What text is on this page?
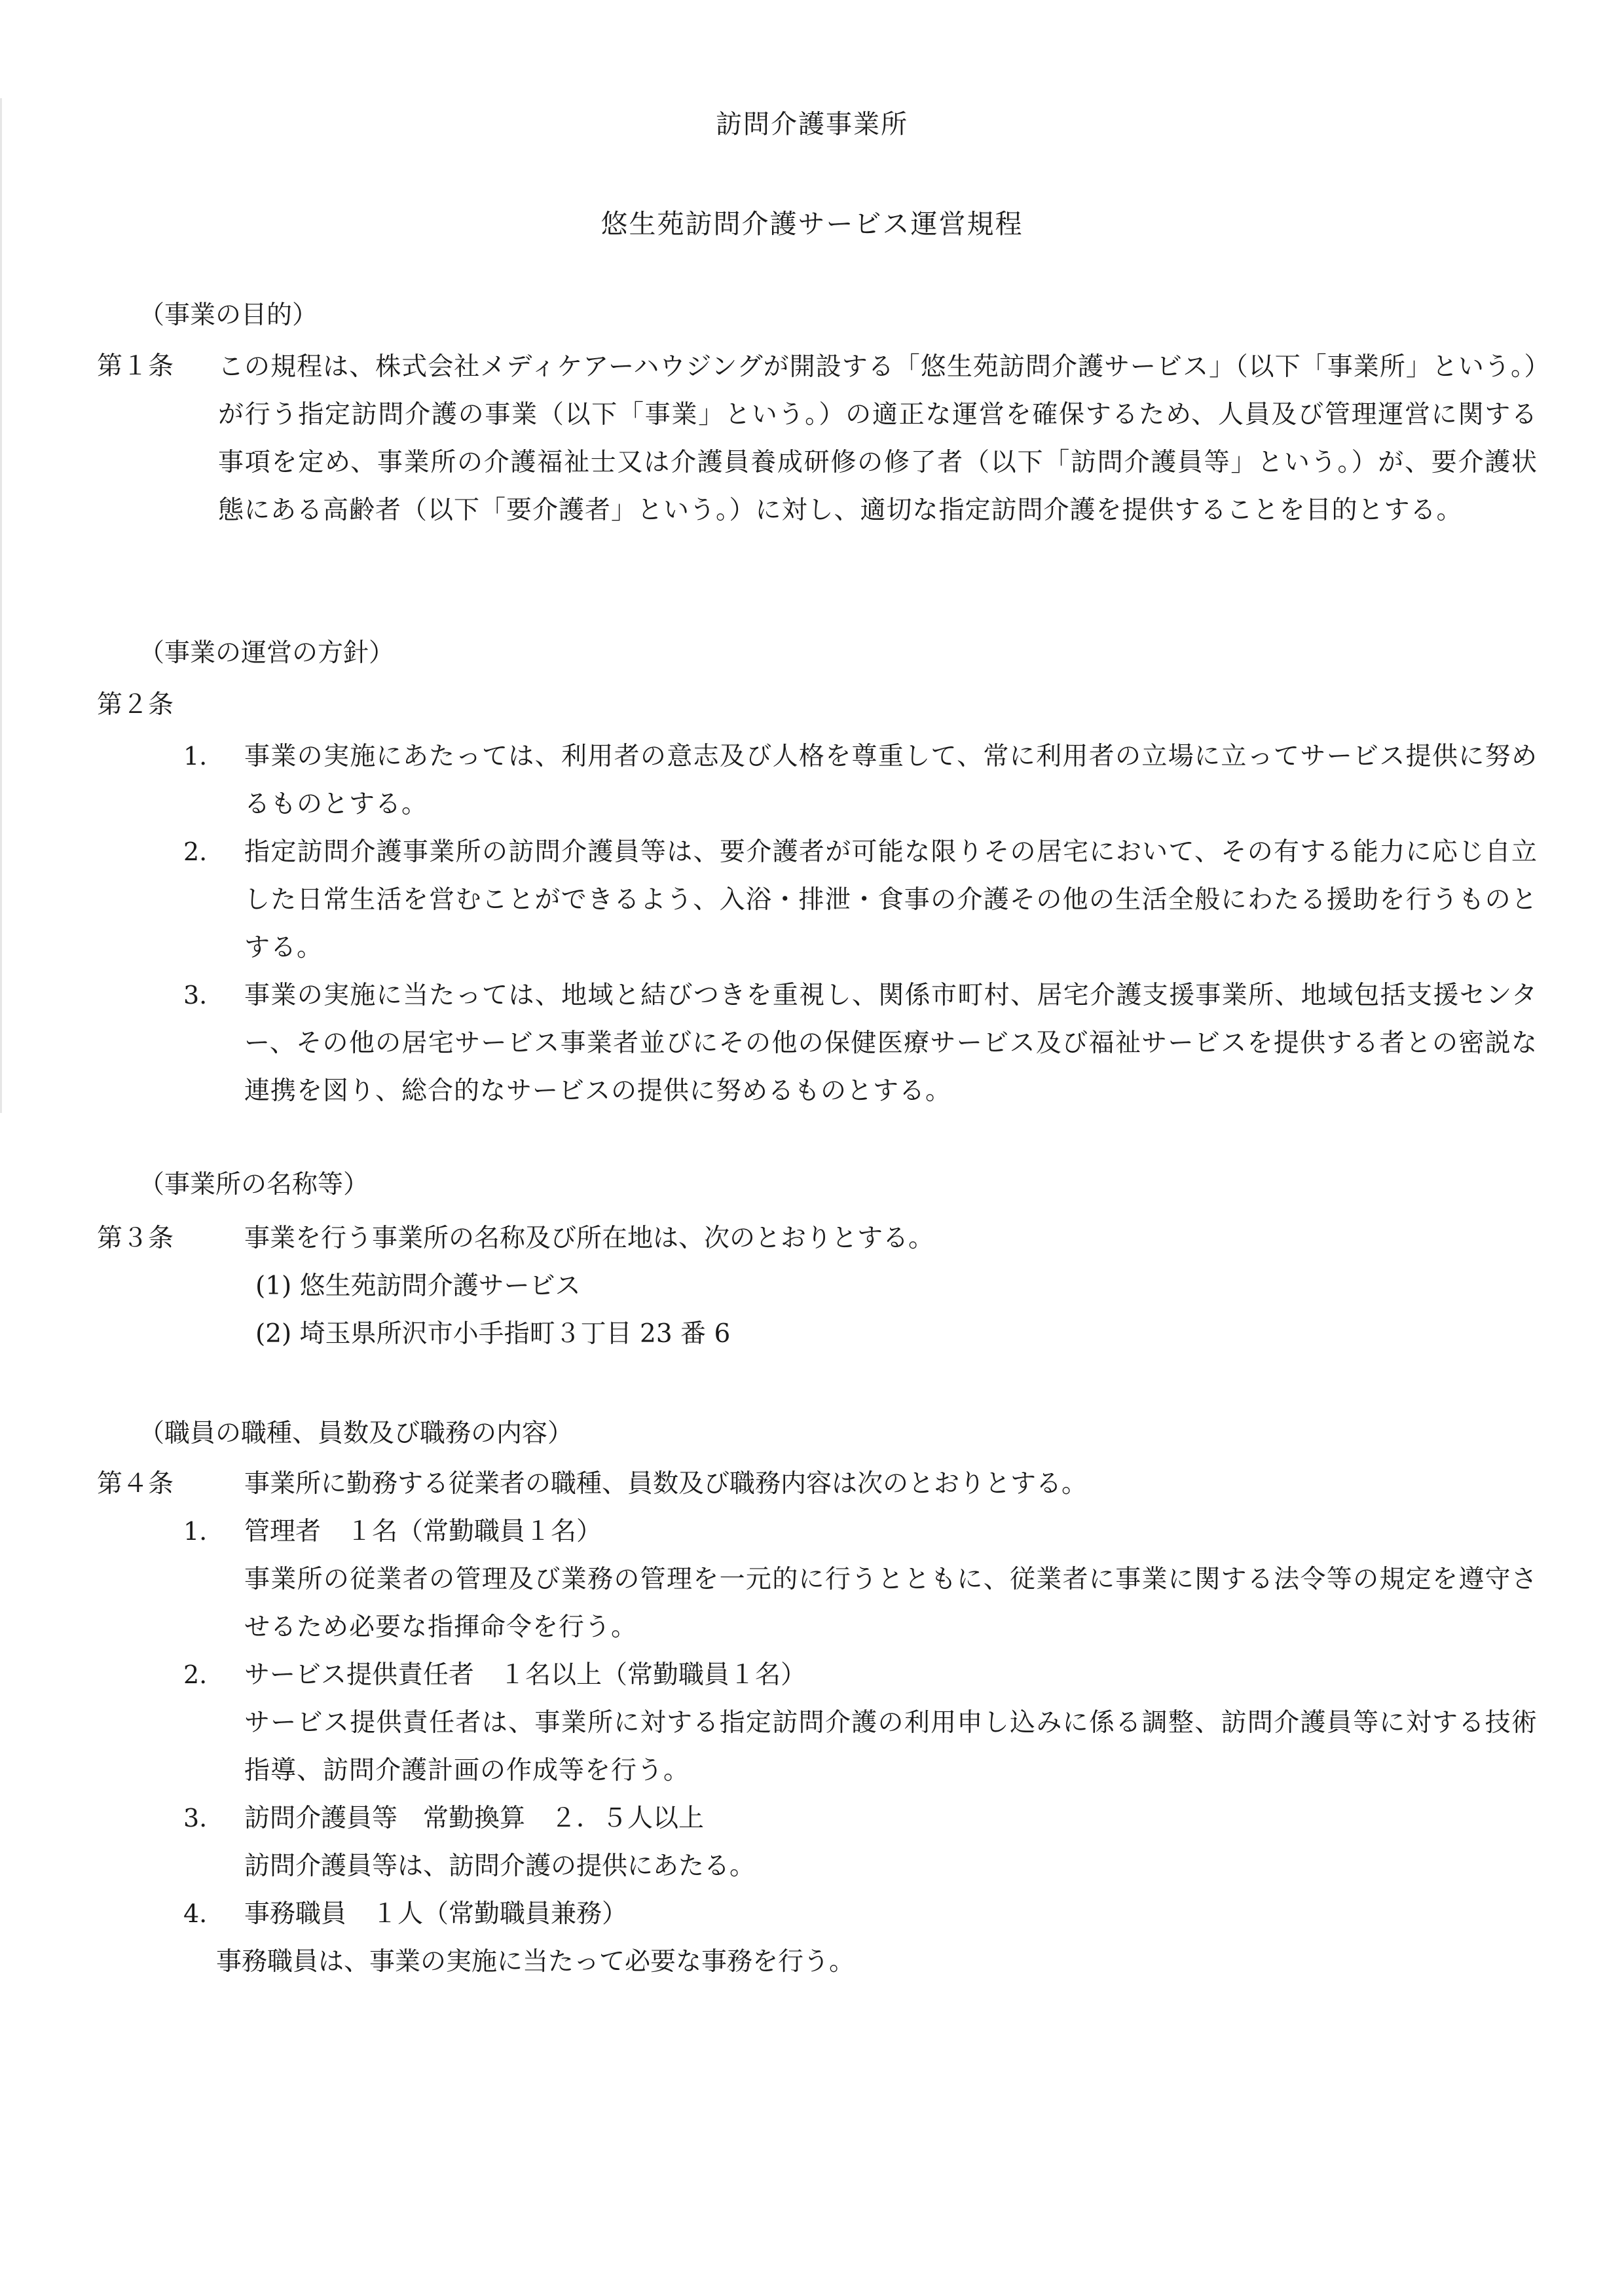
訪問介護事業所
悠生苑訪問介護サービス運営規程
（事業の目的）
第１条 この規程は、株式会社メディケアーハウジングが開設する「悠生苑訪問介護サービス」（以下「事業所」という。）が行う指定訪問介護の事業（以下「事業」という。）の適正な運営を確保するため、人員及び管理運営に関する事項を定め、事業所の介護福祉士又は介護員養成研修の修了者（以下「訪問介護員等」という。）が、要介護状態にある高齢者（以下「要介護者」という。）に対し、適切な指定訪問介護を提供することを目的とする。
（事業の運営の方針）
第２条
1. 事業の実施にあたっては、利用者の意志及び人格を尊重して、常に利用者の立場に立ってサービス提供に努めるものとする。
2. 指定訪問介護事業所の訪問介護員等は、要介護者が可能な限りその居宅において、その有する能力に応じ自立した日常生活を営むことができるよう、入浴・排泄・食事の介護その他の生活全般にわたる援助を行うものとする。
3. 事業の実施に当たっては、地域と結びつきを重視し、関係市町村、居宅介護支援事業所、地域包括支援センター、その他の居宅サービス事業者並びにその他の保健医療サービス及び福祉サービスを提供する者との密説な連携を図り、総合的なサービスの提供に努めるものとする。
（事業所の名称等）
第３条	事業を行う事業所の名称及び所在地は、次のとおりとする。
(1) 悠生苑訪問介護サービス
(2) 埼玉県所沢市小手指町３丁目 23 番 6
（職員の職種、員数及び職務の内容）
第４条	事業所に勤務する従業者の職種、員数及び職務内容は次のとおりとする。
1. 管理者　１名（常勤職員１名）
事業所の従業者の管理及び業務の管理を一元的に行うとともに、従業者に事業に関する法令等の規定を遵守させるため必要な指揮命令を行う。
2. サービス提供責任者　１名以上（常勤職員１名）
サービス提供責任者は、事業所に対する指定訪問介護の利用申し込みに係る調整、訪問介護員等に対する技術指導、訪問介護計画の作成等を行う。
3. 訪問介護員等　常勤換算　２．５人以上
訪問介護員等は、訪問介護の提供にあたる。
4. 事務職員　１人（常勤職員兼務）
事務職員は、事業の実施に当たって必要な事務を行う。
